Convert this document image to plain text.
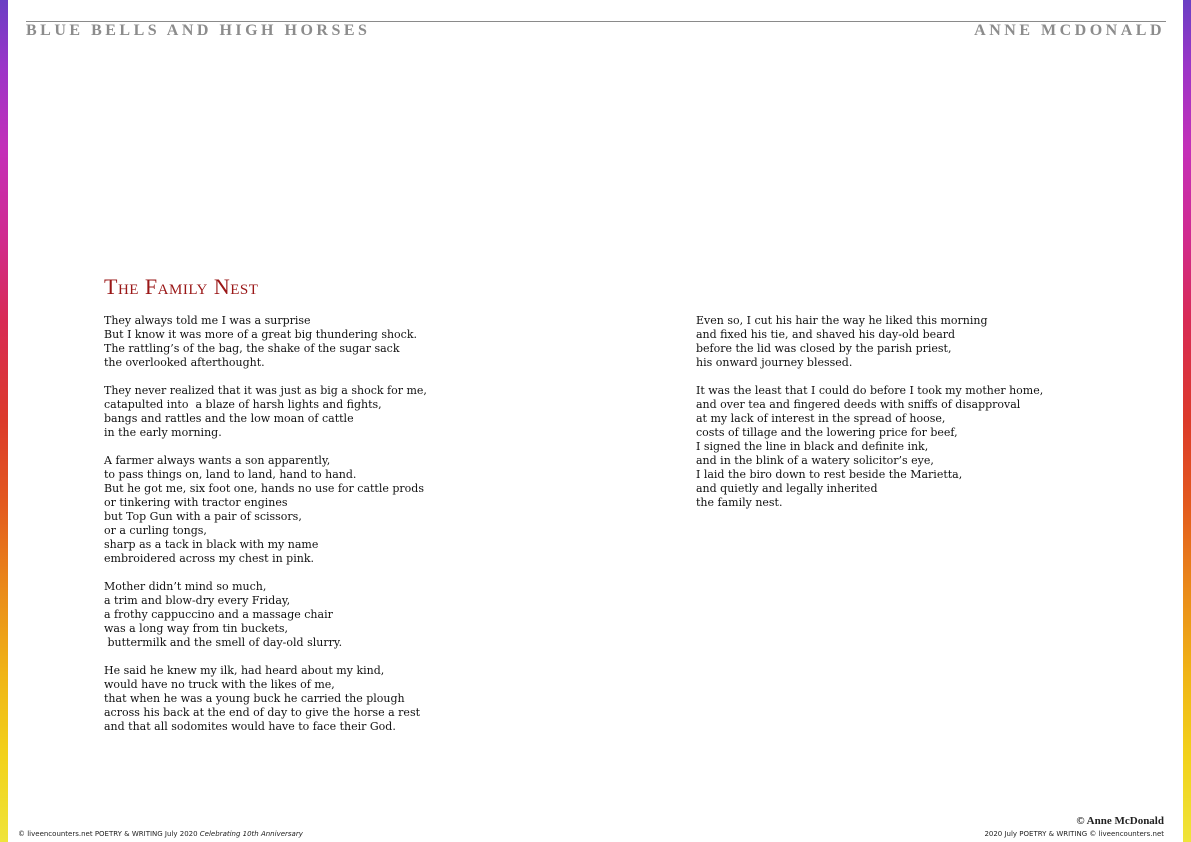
BLUE BELLS AND HIGH HORSES	ANNE MCDONALD
The Family Nest

They always told me I was a surprise
But I know it was more of a great big thundering shock.
The rattling’s of the bag, the shake of the sugar sack
the overlooked afterthought.

They never realized that it was just as big a shock for me,
catapulted into  a blaze of harsh lights and fights,
bangs and rattles and the low moan of cattle
in the early morning.

A farmer always wants a son apparently,
to pass things on, land to land, hand to hand.
But he got me, six foot one, hands no use for cattle prods
or tinkering with tractor engines
but Top Gun with a pair of scissors,
or a curling tongs,
sharp as a tack in black with my name
embroidered across my chest in pink.

Mother didn’t mind so much,
a trim and blow-dry every Friday,
a frothy cappuccino and a massage chair
was a long way from tin buckets,
buttermilk and the smell of day-old slurry.

He said he knew my ilk, had heard about my kind,
would have no truck with the likes of me,
that when he was a young buck he carried the plough
across his back at the end of day to give the horse a rest
and that all sodomites would have to face their God.

Even so, I cut his hair the way he liked this morning
and fixed his tie, and shaved his day-old beard
before the lid was closed by the parish priest,
his onward journey blessed.

It was the least that I could do before I took my mother home,
and over tea and fingered deeds with sniffs of disapproval
at my lack of interest in the spread of hoose,
costs of tillage and the lowering price for beef,
I signed the line in black and definite ink,
and in the blink of a watery solicitor’s eye,
I laid the biro down to rest beside the Marietta,
and quietly and legally inherited
the family nest.

© liveencounters.net POETRY & WRITING July 2020 Celebrating 10th Anniversary
© Anne McDonald
2020 July POETRY & WRITING © liveencounters.net
